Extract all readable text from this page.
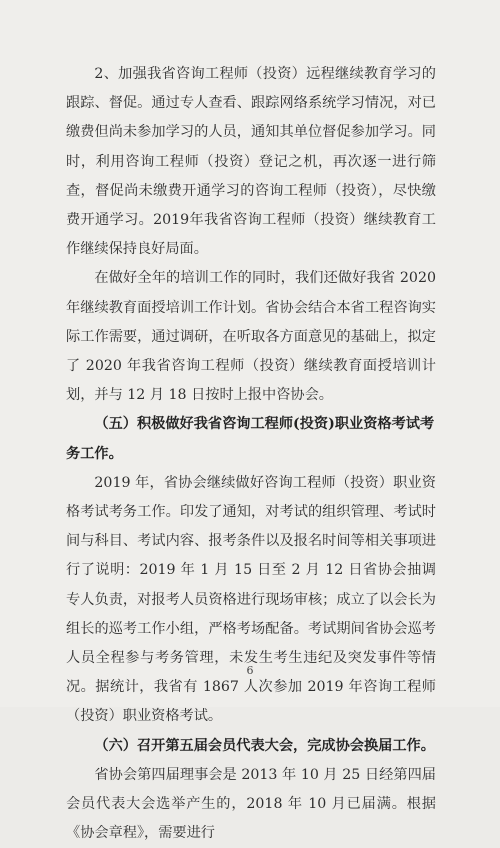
2、加强我省咨询工程师（投资）远程继续教育学习的跟踪、督促。通过专人查看、跟踪网络系统学习情况，对已缴费但尚未参加学习的人员，通知其单位督促参加学习。同时，利用咨询工程师（投资）登记之机，再次逐一进行筛查，督促尚未缴费开通学习的咨询工程师（投资），尽快缴费开通学习。2019年我省咨询工程师（投资）继续教育工作继续保持良好局面。

在做好全年的培训工作的同时，我们还做好我省 2020 年继续教育面授培训工作计划。省协会结合本省工程咨询实际工作需要，通过调研，在听取各方面意见的基础上，拟定了 2020 年我省咨询工程师（投资）继续教育面授培训计划，并与 12 月 18 日按时上报中咨协会。

（五）积极做好我省咨询工程师(投资)职业资格考试考务工作。

2019 年，省协会继续做好咨询工程师（投资）职业资格考试考务工作。印发了通知，对考试的组织管理、考试时间与科目、考试内容、报考条件以及报名时间等相关事项进行了说明：2019 年 1 月 15 日至 2 月 12 日省协会抽调专人负责，对报考人员资格进行现场审核；成立了以会长为组长的巡考工作小组，严格考场配备。考试期间省协会巡考人员全程参与考务管理，未发生考生违纪及突发事件等情况。据统计，我省有 1867 人次参加 2019 年咨询工程师（投资）职业资格考试。

（六）召开第五届会员代表大会，完成协会换届工作。

省协会第四届理事会是 2013 年 10 月 25 日经第四届会员代表大会选举产生的，2018 年 10 月已届满。根据《协会章程》，需要进行

6
